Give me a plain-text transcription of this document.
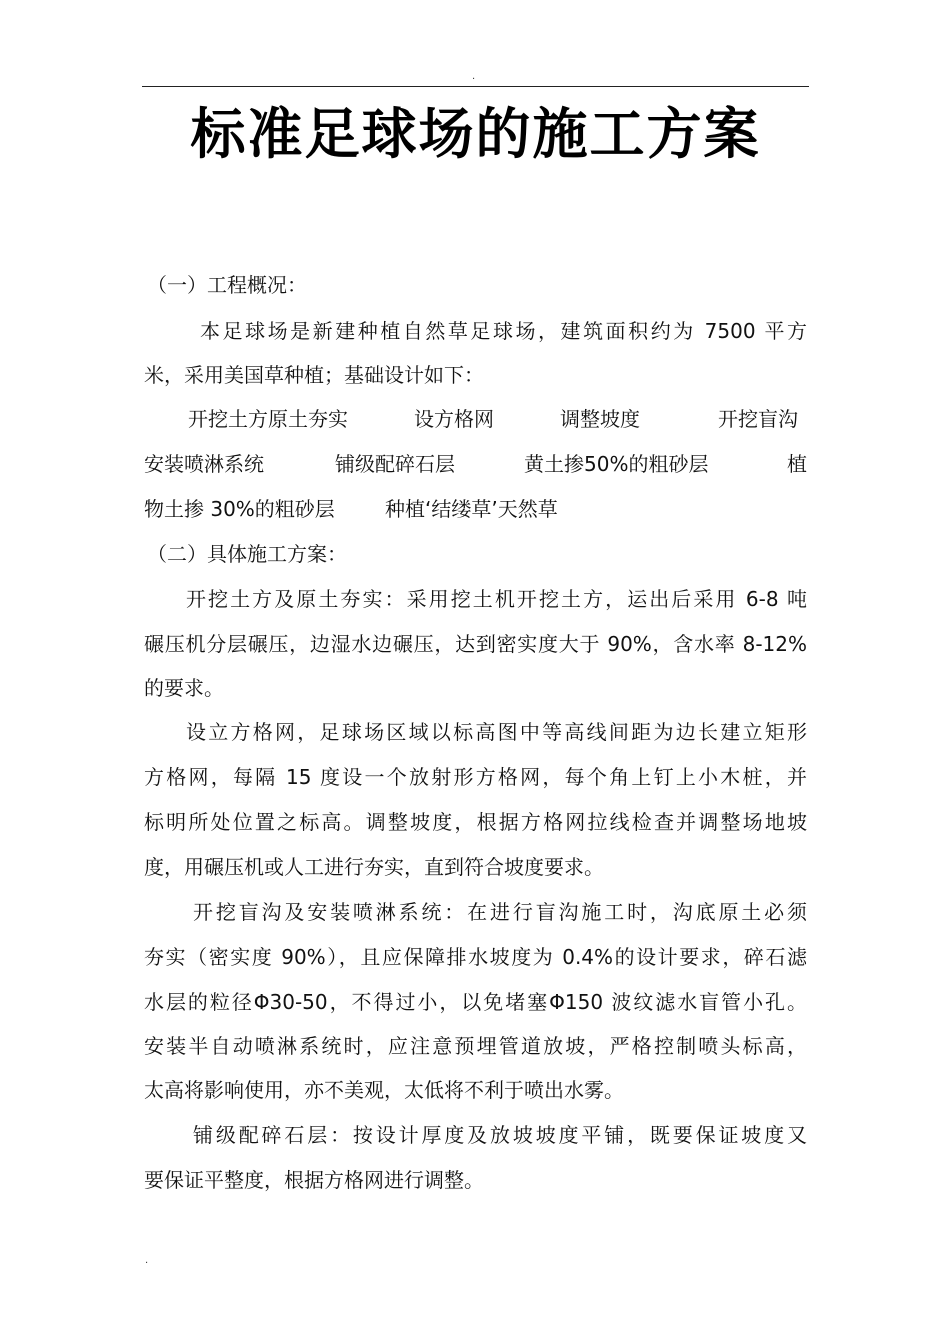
.
标准足球场的施工方案
（一）工程概况：
本足球场是新建种植自然草足球场，建筑面积约为 7500 平方
米，采用美国草种植；基础设计如下：
开挖土方原土夯实	设方格网	调整坡度	开挖盲沟
安装喷淋系统	铺级配碎石层	黄土掺50%的粗砂层	植
物土掺 30%的粗砂层	种植‘结缕草’天然草
（二）具体施工方案：
开挖土方及原土夯实：采用挖土机开挖土方，运出后采用 6-8 吨
碾压机分层碾压，边湿水边碾压，达到密实度大于 90%，含水率 8-12%
的要求。
设立方格网，足球场区域以标高图中等高线间距为边长建立矩形
方格网，每隔 15 度设一个放射形方格网，每个角上钉上小木桩，并
标明所处位置之标高。调整坡度，根据方格网拉线检查并调整场地坡
度，用碾压机或人工进行夯实，直到符合坡度要求。
开挖盲沟及安装喷淋系统：在进行盲沟施工时，沟底原土必须
夯实（密实度 90%），且应保障排水坡度为 0.4%的设计要求，碎石滤
水层的粒径Φ30-50，不得过小，以免堵塞Φ150 波纹滤水盲管小孔。
安装半自动喷淋系统时，应注意预埋管道放坡，严格控制喷头标高，
太高将影响使用，亦不美观，太低将不利于喷出水雾。
铺级配碎石层：按设计厚度及放坡坡度平铺，既要保证坡度又
要保证平整度，根据方格网进行调整。
.
